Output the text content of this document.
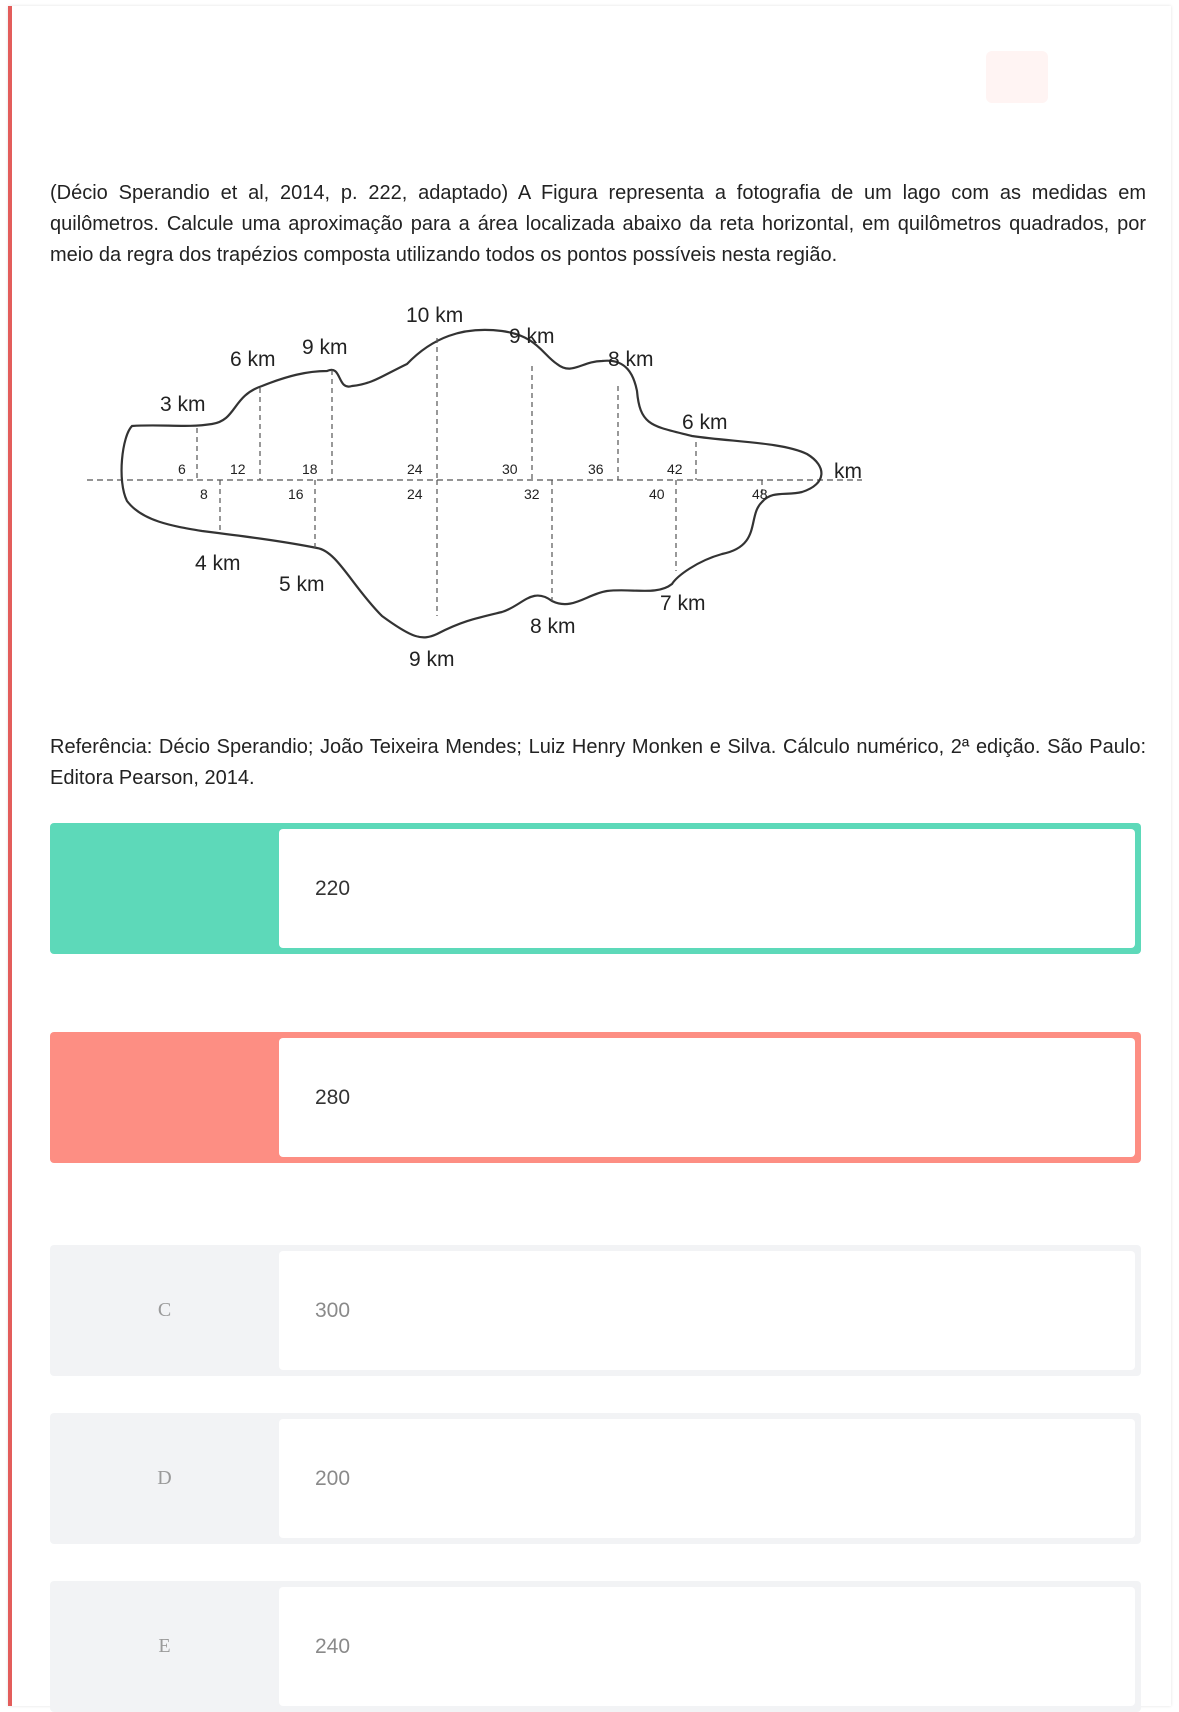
(Décio Sperandio et al, 2014, p. 222, adaptado) A Figura representa a fotografia de um lago com as medidas em quilômetros. Calcule uma aproximação para a área localizada abaixo da reta horizontal, em quilômetros quadrados, por meio da regra dos trapézios composta utilizando todos os pontos possíveis nesta região.

3 km
6 km
9 km
10 km
9 km
8 km
6 km
km
6	12	18	24	30	36	42
8	16	24	32	40	48
4 km
5 km
9 km
8 km
7 km

Referência: Décio Sperandio; João Teixeira Mendes; Luiz Henry Monken e Silva. Cálculo numérico, 2ª edição. São Paulo: Editora Pearson, 2014.

220
280
C	300
D	200
E	240
